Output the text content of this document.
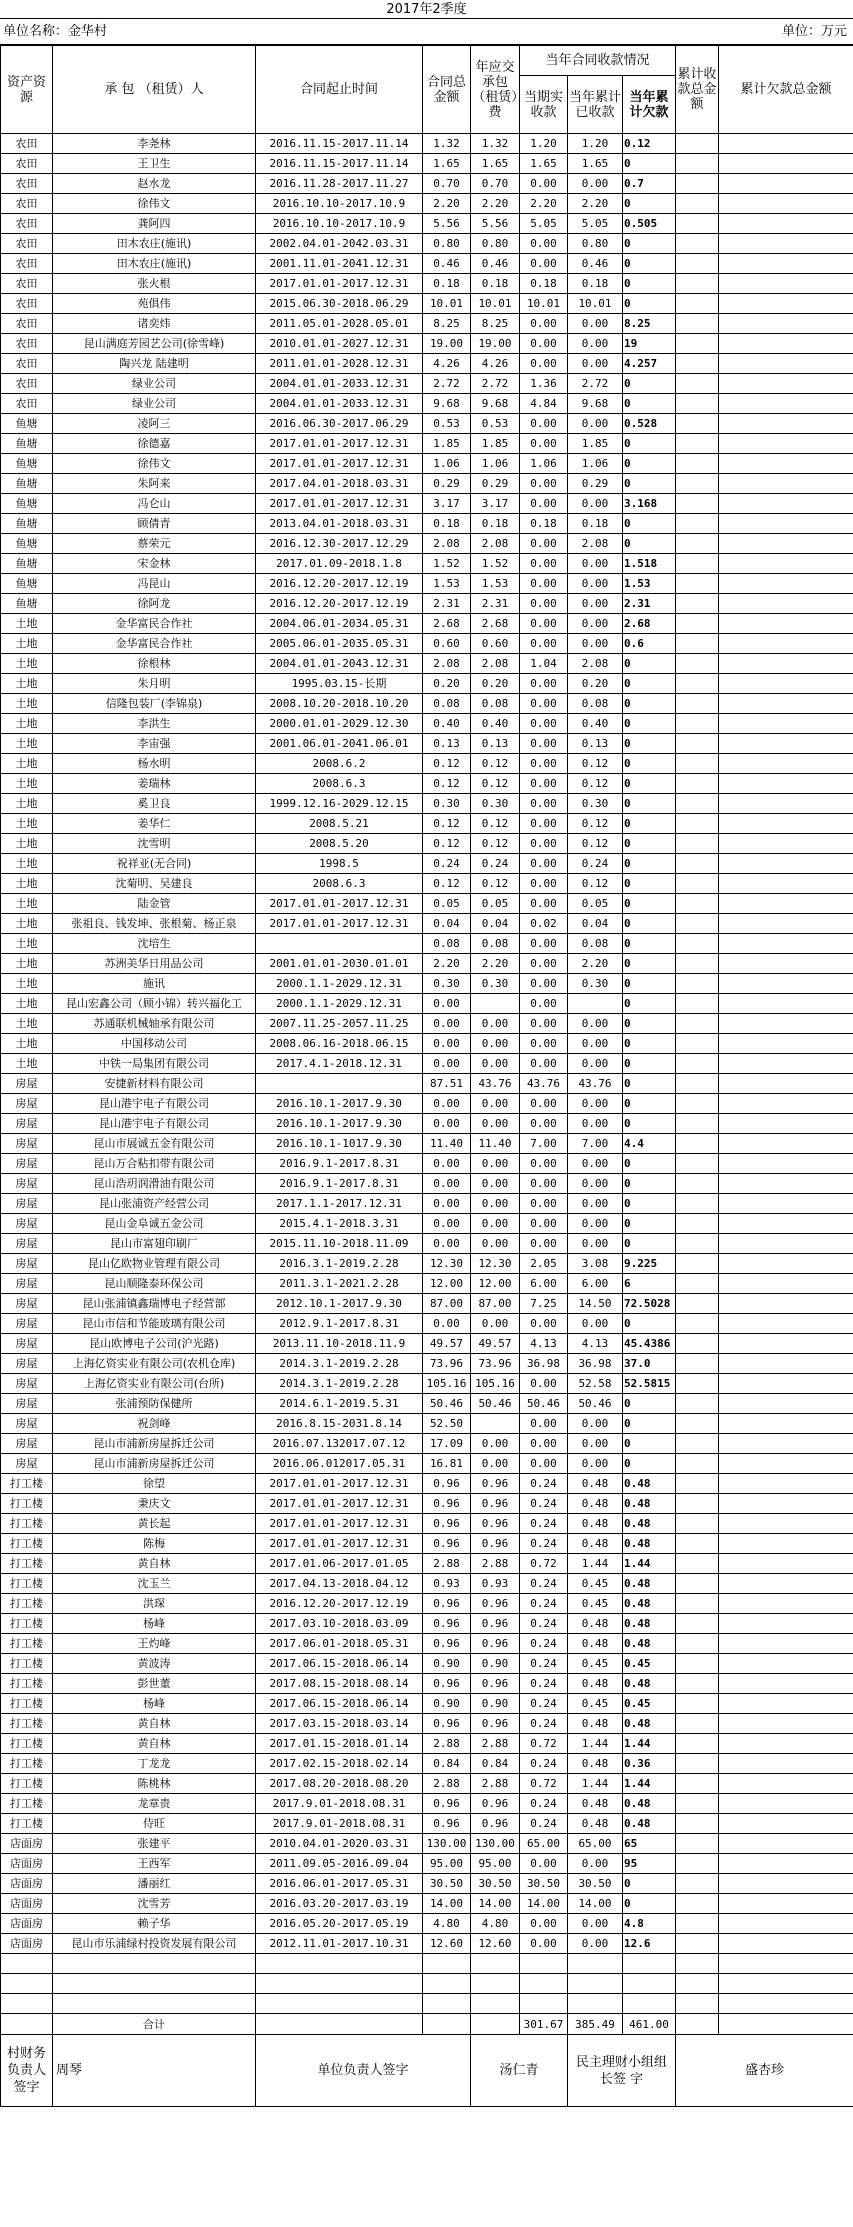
2017年2季度
单位名称：金华村	单位：万元
资产资源	承 包 （租赁）人	合同起止时间	合同总金额	年应交承包（租赁）费	当年合同收款情况			累计收款总金额	累计欠款总金额
					当期实收款	当年累计已收款	当年累计欠款		
农田	李尧林	2016.11.15-2017.11.14	1.32	1.32	1.20	1.20	0.12		
农田	王卫生	2016.11.15-2017.11.14	1.65	1.65	1.65	1.65	0		
农田	赵水龙	2016.11.28-2017.11.27	0.70	0.70	0.00	0.00	0.7		
农田	徐伟文	2016.10.10-2017.10.9	2.20	2.20	2.20	2.20	0		
农田	龚阿四	2016.10.10-2017.10.9	5.56	5.56	5.05	5.05	0.505		
农田	田木农庄(施讯)	2002.04.01-2042.03.31	0.80	0.80	0.00	0.80	0		
农田	田木农庄(施讯)	2001.11.01-2041.12.31	0.46	0.46	0.00	0.46	0		
农田	张火根	2017.01.01-2017.12.31	0.18	0.18	0.18	0.18	0		
农田	苑俱伟	2015.06.30-2018.06.29	10.01	10.01	10.01	10.01	0		
农田	诸奕炜	2011.05.01-2028.05.01	8.25	8.25	0.00	0.00	8.25		
农田	昆山满庭芳园艺公司(徐雪峰)	2010.01.01-2027.12.31	19.00	19.00	0.00	0.00	19		
农田	陶兴龙 陆建明	2011.01.01-2028.12.31	4.26	4.26	0.00	0.00	4.257		
农田	绿业公司	2004.01.01-2033.12.31	2.72	2.72	1.36	2.72	0		
农田	绿业公司	2004.01.01-2033.12.31	9.68	9.68	4.84	9.68	0		
鱼塘	凌阿三	2016.06.30-2017.06.29	0.53	0.53	0.00	0.00	0.528		
鱼塘	徐德嘉	2017.01.01-2017.12.31	1.85	1.85	0.00	1.85	0		
鱼塘	徐伟文	2017.01.01-2017.12.31	1.06	1.06	1.06	1.06	0		
鱼塘	朱阿来	2017.04.01-2018.03.31	0.29	0.29	0.00	0.29	0		
鱼塘	冯仑山	2017.01.01-2017.12.31	3.17	3.17	0.00	0.00	3.168		
鱼塘	顾倩青	2013.04.01-2018.03.31	0.18	0.18	0.18	0.18	0		
鱼塘	蔡荣元	2016.12.30-2017.12.29	2.08	2.08	0.00	2.08	0		
鱼塘	宋金林	2017.01.09-2018.1.8	1.52	1.52	0.00	0.00	1.518		
鱼塘	冯昆山	2016.12.20-2017.12.19	1.53	1.53	0.00	0.00	1.53		
鱼塘	徐阿龙	2016.12.20-2017.12.19	2.31	2.31	0.00	0.00	2.31		
土地	金华富民合作社	2004.06.01-2034.05.31	2.68	2.68	0.00	0.00	2.68		
土地	金华富民合作社	2005.06.01-2035.05.31	0.60	0.60	0.00	0.00	0.6		
土地	徐根林	2004.01.01-2043.12.31	2.08	2.08	1.04	2.08	0		
土地	朱月明	1995.03.15-长期	0.20	0.20	0.00	0.20	0		
土地	信隆包装厂(李锦泉)	2008.10.20-2018.10.20	0.08	0.08	0.00	0.08	0		
土地	李洪生	2000.01.01-2029.12.30	0.40	0.40	0.00	0.40	0		
土地	李宙强	2001.06.01-2041.06.01	0.13	0.13	0.00	0.13	0		
土地	杨水明	2008.6.2	0.12	0.12	0.00	0.12	0		
土地	姜瑞林	2008.6.3	0.12	0.12	0.00	0.12	0		
土地	奚卫良	1999.12.16-2029.12.15	0.30	0.30	0.00	0.30	0		
土地	姜华仁	2008.5.21	0.12	0.12	0.00	0.12	0		
土地	沈雪明	2008.5.20	0.12	0.12	0.00	0.12	0		
土地	祝祥亚(无合同)	1998.5	0.24	0.24	0.00	0.24	0		
土地	沈菊明、吴建良	2008.6.3	0.12	0.12	0.00	0.12	0		
土地	陆金管	2017.01.01-2017.12.31	0.05	0.05	0.00	0.05	0		
土地	张祖良、钱发坤、张根菊、杨正泉	2017.01.01-2017.12.31	0.04	0.04	0.02	0.04	0		
土地	沈培生		0.08	0.08	0.00	0.08	0		
土地	苏洲美华日用品公司	2001.01.01-2030.01.01	2.20	2.20	0.00	2.20	0		
土地	施讯	2000.1.1-2029.12.31	0.30	0.30	0.00	0.30	0		
土地	昆山宏鑫公司（顾小锦）转兴福化工	2000.1.1-2029.12.31	0.00		0.00		0		
土地	苏通联机械轴承有限公司	2007.11.25-2057.11.25	0.00	0.00	0.00	0.00	0		
土地	中国移动公司	2008.06.16-2018.06.15	0.00	0.00	0.00	0.00	0		
土地	中铁一局集团有限公司	2017.4.1-2018.12.31	0.00	0.00	0.00	0.00	0		
房屋	安捷新材料有限公司		87.51	43.76	43.76	43.76	0		
房屋	昆山港宇电子有限公司	2016.10.1-2017.9.30	0.00	0.00	0.00	0.00	0		
房屋	昆山港宇电子有限公司	2016.10.1-2017.9.30	0.00	0.00	0.00	0.00	0		
房屋	昆山市展诚五金有限公司	2016.10.1-1017.9.30	11.40	11.40	7.00	7.00	4.4		
房屋	昆山万合粘扣带有限公司	2016.9.1-2017.8.31	0.00	0.00	0.00	0.00	0		
房屋	昆山浩玥润滑油有限公司	2016.9.1-2017.8.31	0.00	0.00	0.00	0.00	0		
房屋	昆山张浦资产经营公司	2017.1.1-2017.12.31	0.00	0.00	0.00	0.00	0		
房屋	昆山金阜诚五金公司	2015.4.1-2018.3.31	0.00	0.00	0.00	0.00	0		
房屋	昆山市富翅印刷厂	2015.11.10-2018.11.09	0.00	0.00	0.00	0.00	0		
房屋	昆山亿欧物业管理有限公司	2016.3.1-2019.2.28	12.30	12.30	2.05	3.08	9.225		
房屋	昆山顺隆泰环保公司	2011.3.1-2021.2.28	12.00	12.00	6.00	6.00	6		
房屋	昆山张浦镇鑫瑞博电子经营部	2012.10.1-2017.9.30	87.00	87.00	7.25	14.50	72.5028		
房屋	昆山市信和节能玻璃有限公司	2012.9.1-2017.8.31	0.00	0.00	0.00	0.00	0		
房屋	昆山欧博电子公司(沪光路)	2013.11.10-2018.11.9	49.57	49.57	4.13	4.13	45.4386		
房屋	上海亿资实业有限公司(农机仓库)	2014.3.1-2019.2.28	73.96	73.96	36.98	36.98	37.0		
房屋	上海亿资实业有限公司(台所)	2014.3.1-2019.2.28	105.16	105.16	0.00	52.58	52.5815		
房屋	张浦预防保健所	2014.6.1-2019.5.31	50.46	50.46	50.46	50.46	0		
房屋	祝剑峰	2016.8.15-2031.8.14	52.50		0.00	0.00	0		
房屋	昆山市浦新房屋拆迁公司	2016.07.132017.07.12	17.09	0.00	0.00	0.00	0		
房屋	昆山市浦新房屋拆迁公司	2016.06.012017.05.31	16.81	0.00	0.00	0.00	0		
打工楼	徐望	2017.01.01-2017.12.31	0.96	0.96	0.24	0.48	0.48		
打工楼	秉庆文	2017.01.01-2017.12.31	0.96	0.96	0.24	0.48	0.48		
打工楼	黄长起	2017.01.01-2017.12.31	0.96	0.96	0.24	0.48	0.48		
打工楼	陈梅	2017.01.01-2017.12.31	0.96	0.96	0.24	0.48	0.48		
打工楼	黄自林	2017.01.06-2017.01.05	2.88	2.88	0.72	1.44	1.44		
打工楼	沈玉兰	2017.04.13-2018.04.12	0.93	0.93	0.24	0.45	0.48		
打工楼	洪琛	2016.12.20-2017.12.19	0.96	0.96	0.24	0.45	0.48		
打工楼	杨峰	2017.03.10-2018.03.09	0.96	0.96	0.24	0.48	0.48		
打工楼	王灼峰	2017.06.01-2018.05.31	0.96	0.96	0.24	0.48	0.48		
打工楼	黄波涛	2017.06.15-2018.06.14	0.90	0.90	0.24	0.45	0.45		
打工楼	彭世董	2017.08.15-2018.08.14	0.96	0.96	0.24	0.48	0.48		
打工楼	杨峰	2017.06.15-2018.06.14	0.90	0.90	0.24	0.45	0.45		
打工楼	黄自林	2017.03.15-2018.03.14	0.96	0.96	0.24	0.48	0.48		
打工楼	黄自林	2017.01.15-2018.01.14	2.88	2.88	0.72	1.44	1.44		
打工楼	丁龙龙	2017.02.15-2018.02.14	0.84	0.84	0.24	0.48	0.36		
打工楼	陈桃林	2017.08.20-2018.08.20	2.88	2.88	0.72	1.44	1.44		
打工楼	龙章贵	2017.9.01-2018.08.31	0.96	0.96	0.24	0.48	0.48		
打工楼	侍旺	2017.9.01-2018.08.31	0.96	0.96	0.24	0.48	0.48		
店面房	张建平	2010.04.01-2020.03.31	130.00	130.00	65.00	65.00	65		
店面房	王西军	2011.09.05-2016.09.04	95.00	95.00	0.00	0.00	95		
店面房	潘丽红	2016.06.01-2017.05.31	30.50	30.50	30.50	30.50	0		
店面房	沈雪芳	2016.03.20-2017.03.19	14.00	14.00	14.00	14.00	0		
店面房	赖子华	2016.05.20-2017.05.19	4.80	4.80	0.00	0.00	4.8		
店面房	昆山市乐浦绿村投资发展有限公司	2012.11.01-2017.10.31	12.60	12.60	0.00	0.00	12.6		

	合计				301.67	385.49	461.00		
村财务负责人签字	周琴	单位负责人签字	汤仁青	民主理财小组组长签 字	盛杏珍
